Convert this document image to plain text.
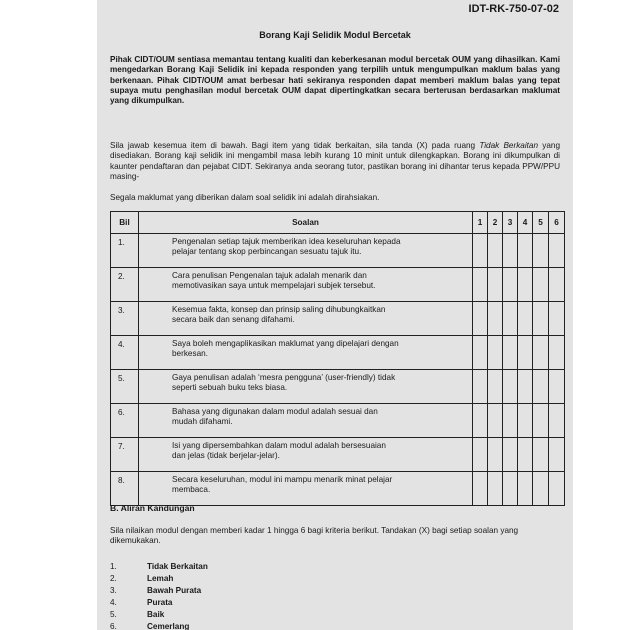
IDT-RK-750-07-02
Borang Kaji Selidik Modul Bercetak
Pihak CIDT/OUM sentiasa memantau tentang kualiti dan keberkesanan modul bercetak OUM yang dihasilkan. Kami mengedarkan Borang Kaji Selidik ini kepada responden yang terpilih untuk mengumpulkan maklum balas yang berkenaan. Pihak CIDT/OUM amat berbesar hati sekiranya responden dapat memberi maklum balas yang tepat supaya mutu penghasilan modul bercetak OUM dapat dipertingkatkan secara berterusan berdasarkan maklumat yang dikumpulkan.
Sila jawab kesemua item di bawah. Bagi item yang tidak berkaitan, sila tanda (X) pada ruang Tidak Berkaitan yang disediakan. Borang kaji selidik ini mengambil masa lebih kurang 10 minit untuk dilengkapkan. Borang ini dikumpulkan di kaunter pendaftaran dan pejabat CIDT. Sekiranya anda seorang tutor, pastikan borang ini dihantar terus kepada PPW/PPU masing-
Segala maklumat yang diberikan dalam soal selidik ini adalah dirahsiakan.
Bil	Soalan	1	2	3	4	5	6
1.	Pengenalan setiap tajuk memberikan idea keseluruhan kepada
pelajar tentang skop perbincangan sesuatu tajuk itu.						

2.	Cara penulisan Pengenalan tajuk adalah menarik dan
memotivasikan saya untuk mempelajari subjek tersebut.						

3.	Kesemua fakta, konsep dan prinsip saling dihubungkaitkan
secara baik dan senang difahami.						

4.	Saya boleh mengaplikasikan maklumat yang dipelajari dengan
berkesan.						

5.	Gaya penulisan adalah ‘mesra pengguna’ (user-friendly) tidak
seperti sebuah buku teks biasa.						

6.	Bahasa yang digunakan dalam modul adalah sesuai dan
mudah difahami.						

7.	Isi yang dipersembahkan dalam modul adalah bersesuaian
dan jelas (tidak berjelar-jelar).						

8.	Secara keseluruhan, modul ini mampu menarik minat pelajar
membaca.						

B. Aliran Kandungan
Sila nilaikan modul dengan memberi kadar 1 hingga 6 bagi kriteria berikut. Tandakan (X) bagi setiap soalan yang dikemukakan.
1.	Tidak Berkaitan
2.	Lemah
3.	Bawah Purata
4.	Purata
5.	Baik
6.	Cemerlang
